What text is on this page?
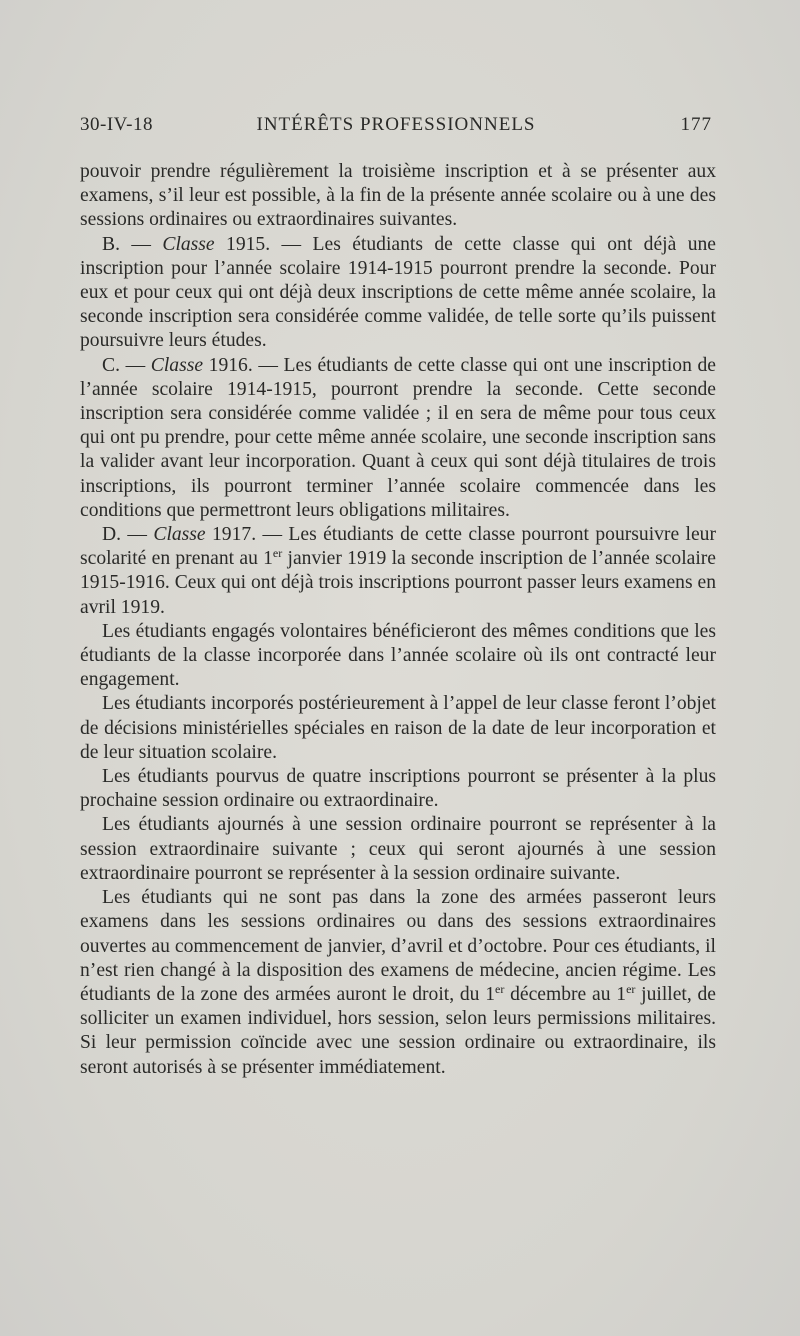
30-IV-18	INTÉRÊTS PROFESSIONNELS	177

pouvoir prendre régulièrement la troisième inscription et à se présenter aux examens, s’il leur est possible, à la fin de la présente année scolaire ou à une des sessions ordinaires ou extraordinaires suivantes.

B. — Classe 1915. — Les étudiants de cette classe qui ont déjà une inscription pour l’année scolaire 1914-1915 pourront prendre la seconde. Pour eux et pour ceux qui ont déjà deux inscriptions de cette même année scolaire, la seconde inscription sera considérée comme validée, de telle sorte qu’ils puissent poursuivre leurs études.

C. — Classe 1916. — Les étudiants de cette classe qui ont une inscription de l’année scolaire 1914-1915, pourront prendre la seconde. Cette seconde inscription sera considérée comme validée ; il en sera de même pour tous ceux qui ont pu prendre, pour cette même année scolaire, une seconde inscription sans la valider avant leur incorporation. Quant à ceux qui sont déjà titulaires de trois inscriptions, ils pourront terminer l’année scolaire commencée dans les conditions que permettront leurs obligations militaires.

D. — Classe 1917. — Les étudiants de cette classe pourront poursuivre leur scolarité en prenant au 1er janvier 1919 la seconde inscription de l’année scolaire 1915-1916. Ceux qui ont déjà trois inscriptions pourront passer leurs examens en avril 1919.

Les étudiants engagés volontaires bénéficieront des mêmes conditions que les étudiants de la classe incorporée dans l’année scolaire où ils ont contracté leur engagement.

Les étudiants incorporés postérieurement à l’appel de leur classe feront l’objet de décisions ministérielles spéciales en raison de la date de leur incorporation et de leur situation scolaire.

Les étudiants pourvus de quatre inscriptions pourront se présenter à la plus prochaine session ordinaire ou extraordinaire.

Les étudiants ajournés à une session ordinaire pourront se représenter à la session extraordinaire suivante ; ceux qui seront ajournés à une session extraordinaire pourront se représenter à la session ordinaire suivante.

Les étudiants qui ne sont pas dans la zone des armées passeront leurs examens dans les sessions ordinaires ou dans des sessions extraordinaires ouvertes au commencement de janvier, d’avril et d’octobre. Pour ces étudiants, il n’est rien changé à la disposition des examens de médecine, ancien régime. Les étudiants de la zone des armées auront le droit, du 1er décembre au 1er juillet, de solliciter un examen individuel, hors session, selon leurs permissions militaires. Si leur permission coïncide avec une session ordinaire ou extraordinaire, ils seront autorisés à se présenter immédiatement.
